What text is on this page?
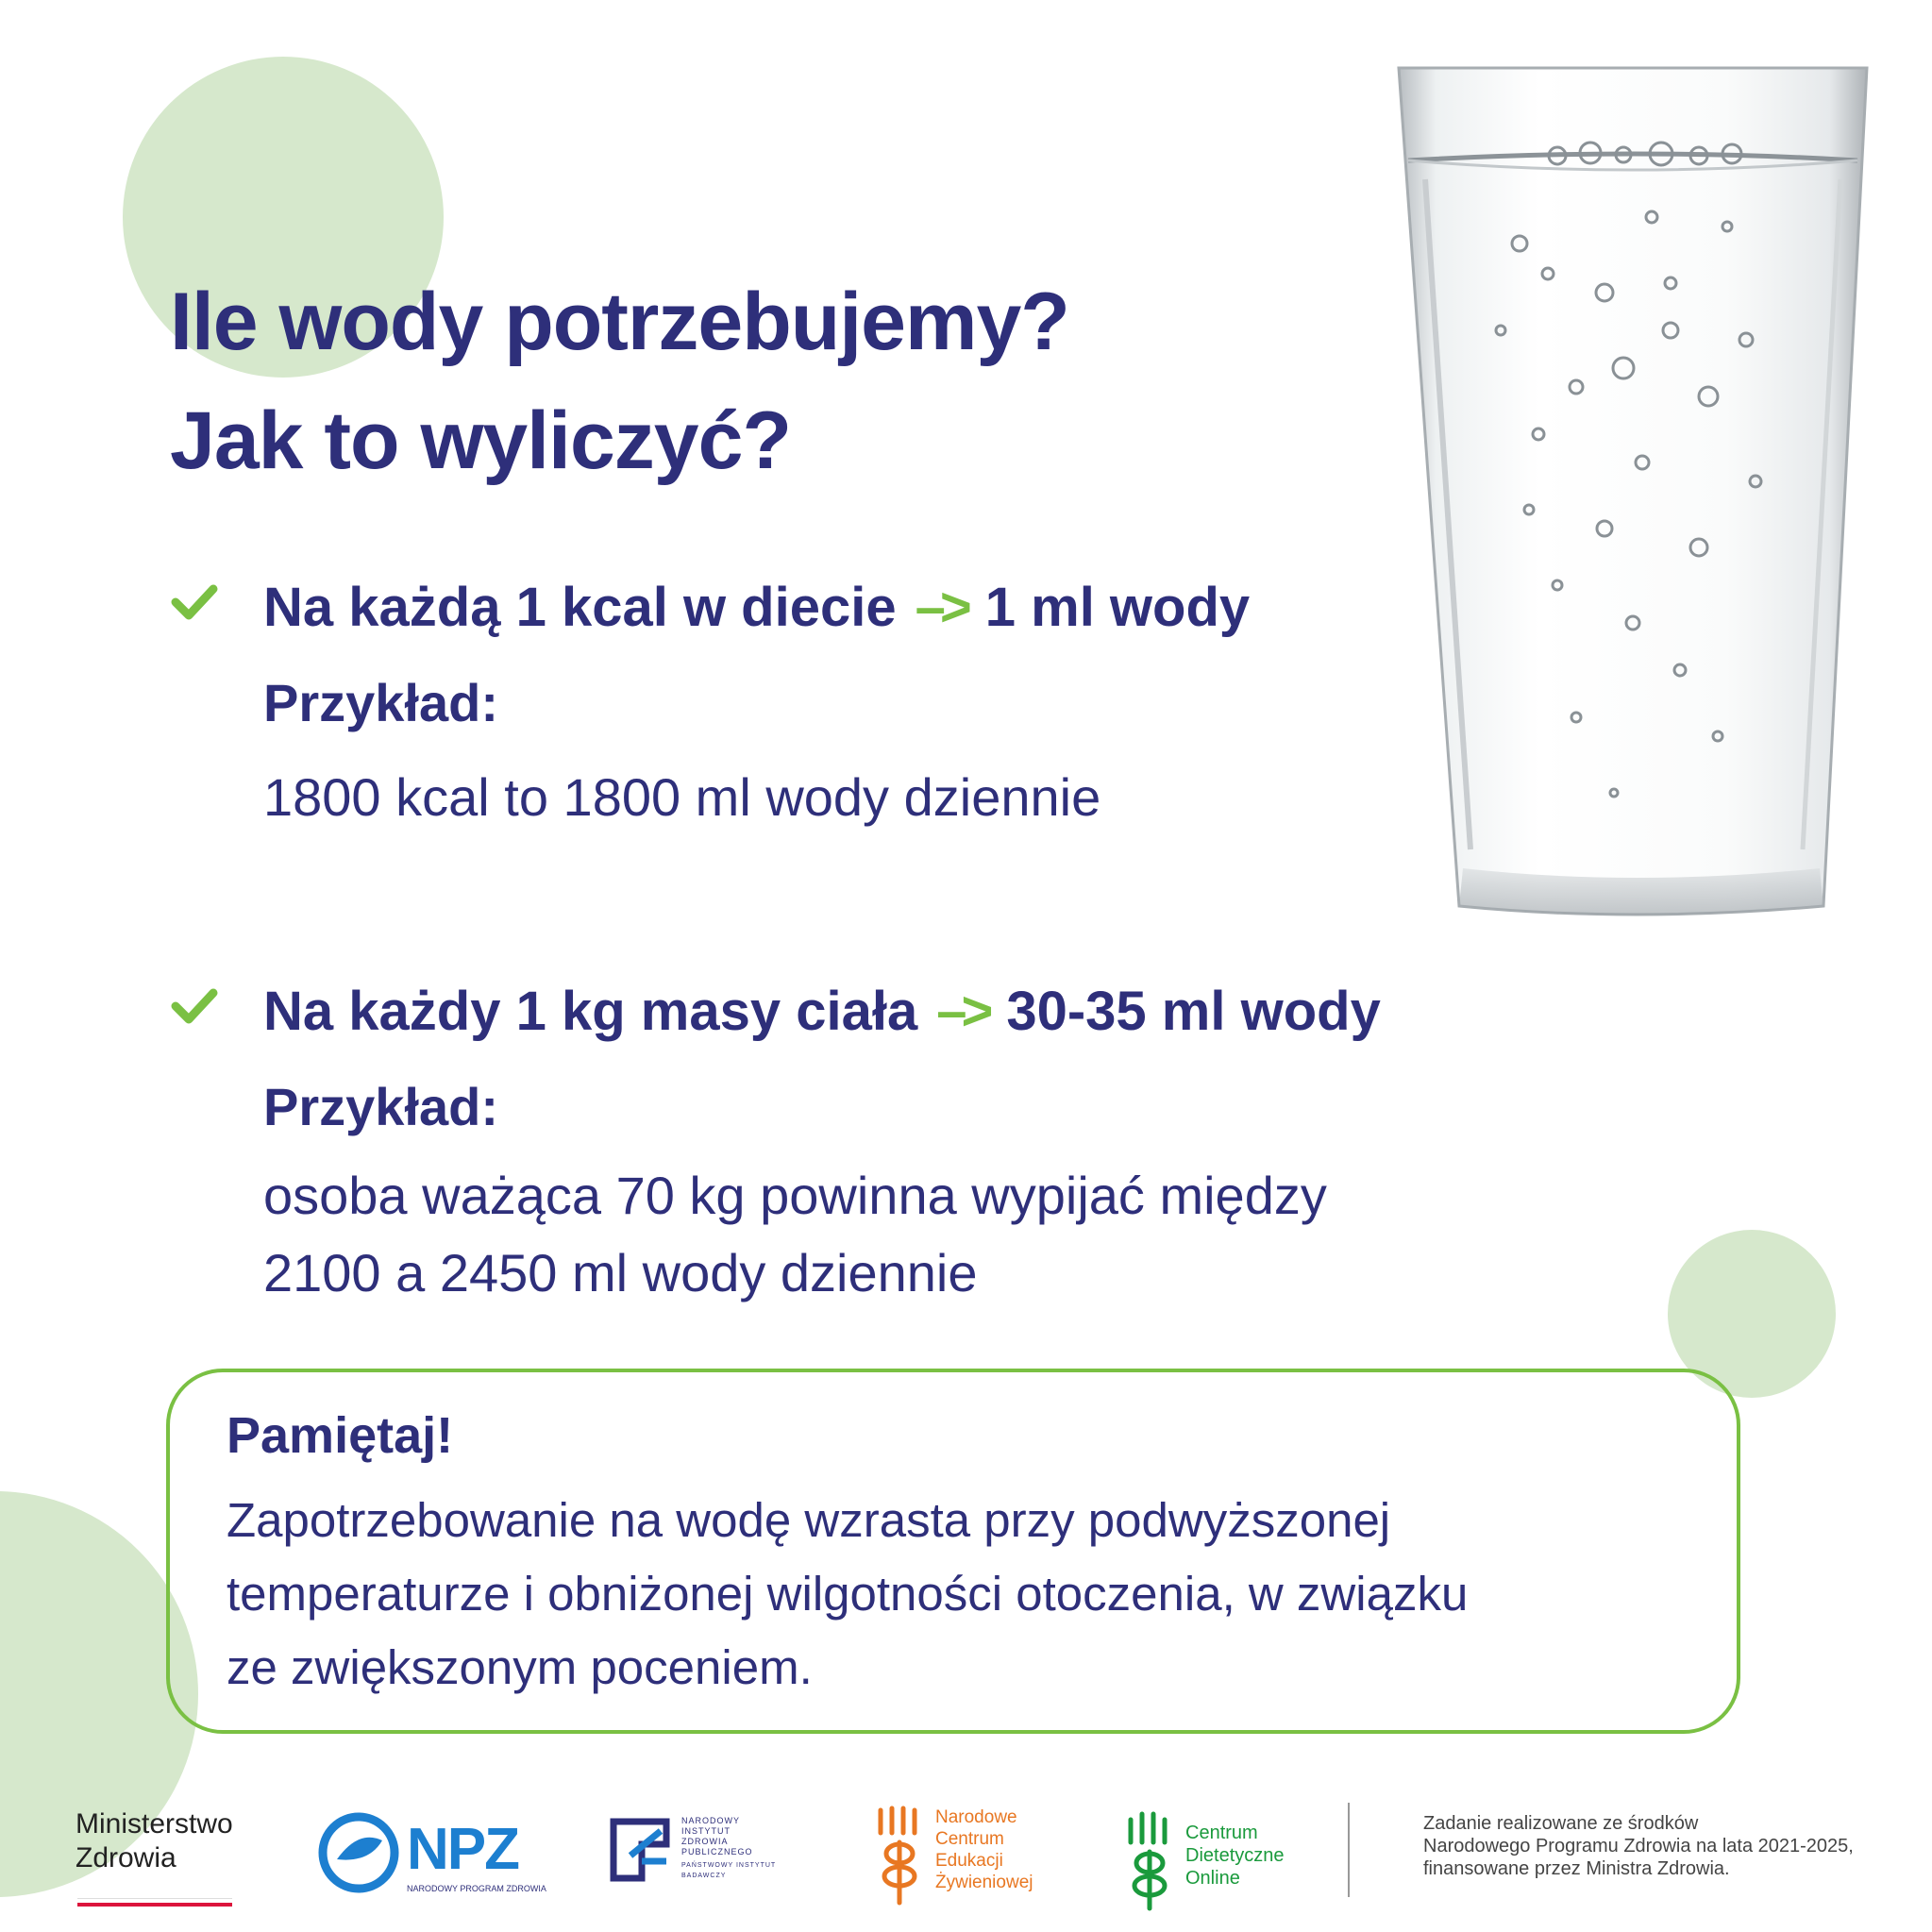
Ile wody potrzebujemy?
Jak to wyliczyć?
Na każdą 1 kcal w diecie –> 1 ml wody
Przykład:
1800 kcal to 1800 ml wody dziennie
Na każdy 1 kg masy ciała –> 30-35 ml wody
Przykład:
osoba ważąca 70 kg powinna wypijać między
2100 a 2450 ml wody dziennie
Pamiętaj!

Zapotrzebowanie na wodę wzrasta przy podwyższonej
temperaturze i obniżonej wilgotności otoczenia, w związku
ze zwiększonym poceniem.

Ministerstwo
Zdrowia	NPZ
NARODOWY PROGRAM ZDROWIA
NARODOWY
INSTYTUT
ZDROWIA
PUBLICZNEGO
PAŃSTWOWY INSTYTUT
BADAWCZY
Narodowe
Centrum
Edukacji
Żywieniowej
Centrum
Dietetyczne
Online
Zadanie realizowane ze środków
Narodowego Programu Zdrowia na lata 2021-2025,
finansowane przez Ministra Zdrowia.
